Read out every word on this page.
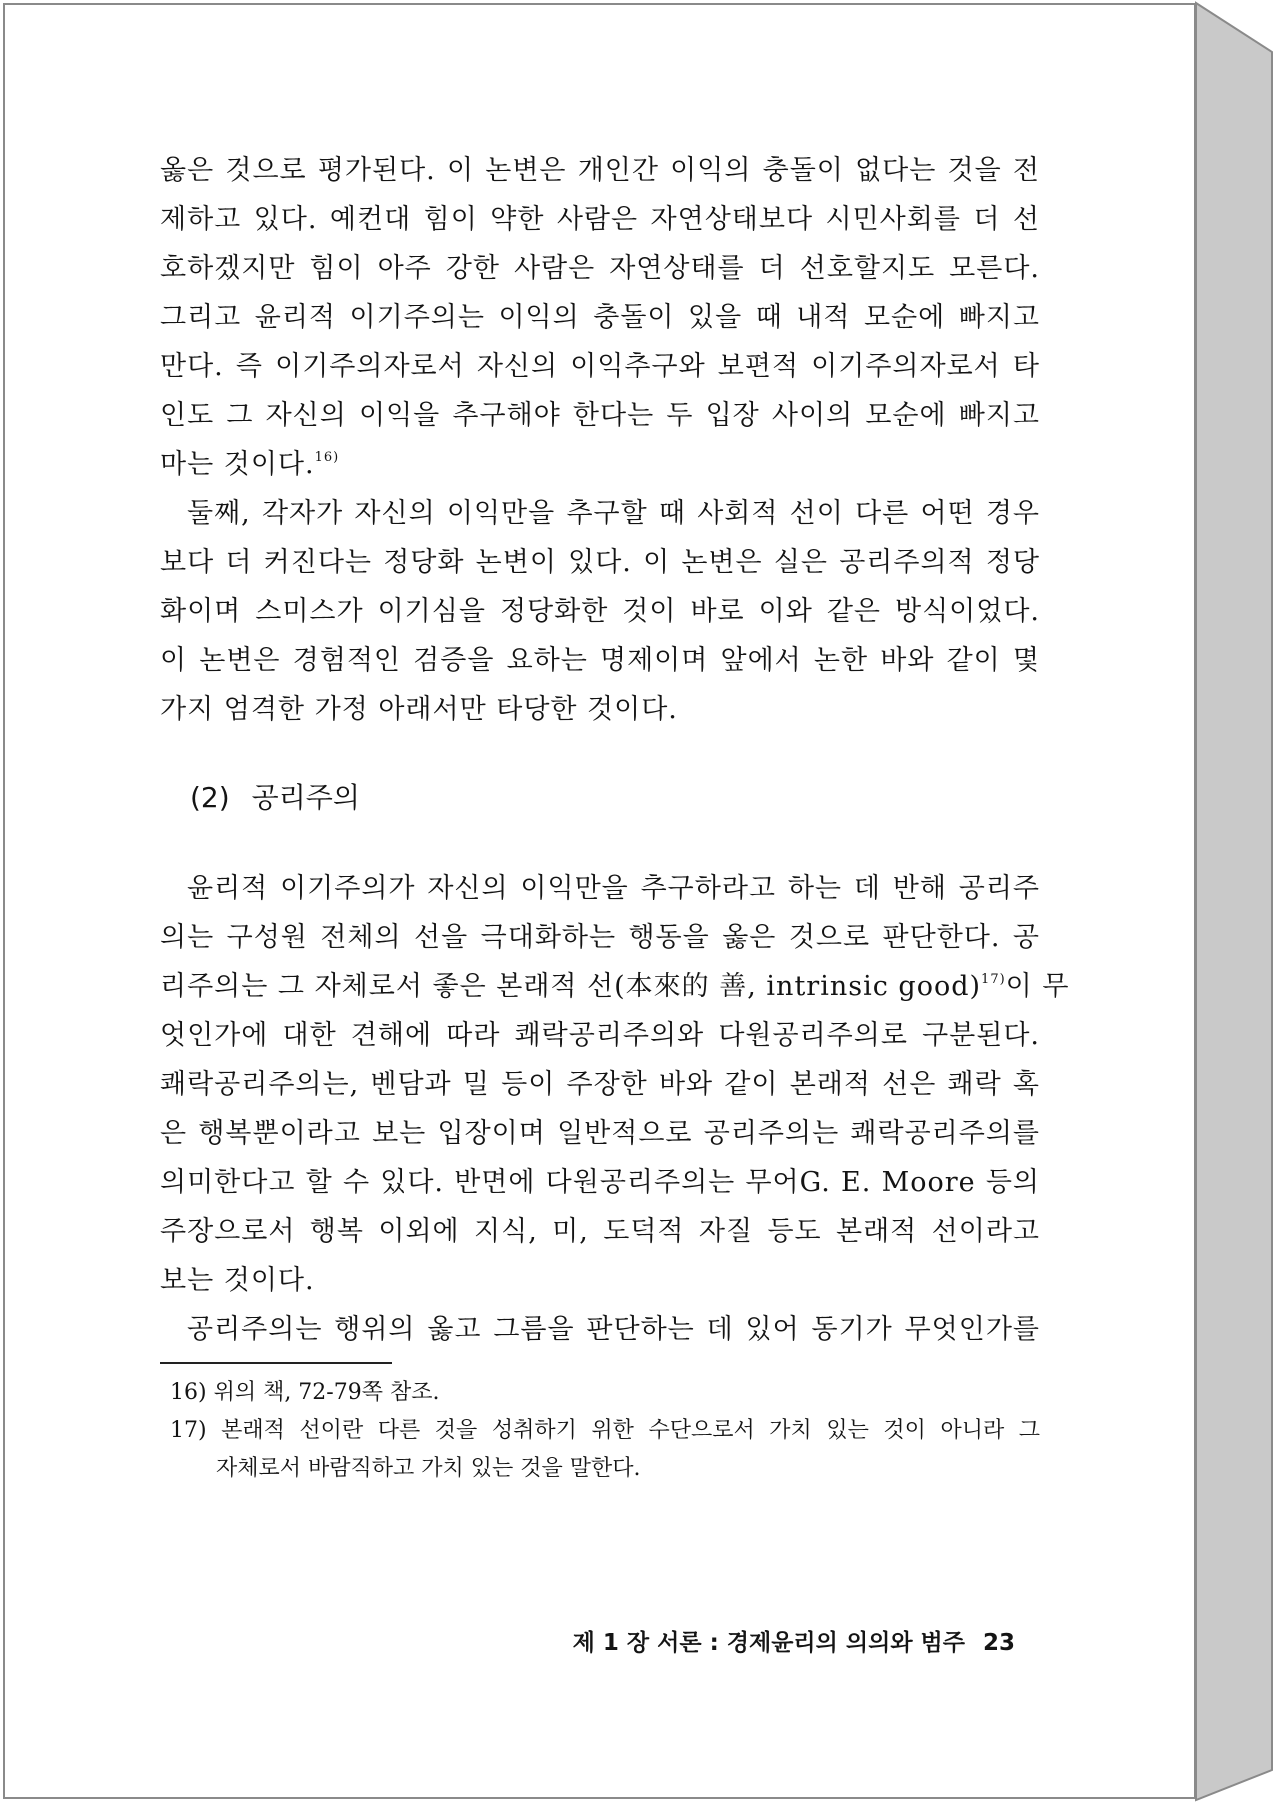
옳은 것으로 평가된다. 이 논변은 개인간 이익의 충돌이 없다는 것을 전
제하고 있다. 예컨대 힘이 약한 사람은 자연상태보다 시민사회를 더 선
호하겠지만 힘이 아주 강한 사람은 자연상태를 더 선호할지도 모른다.
그리고 윤리적 이기주의는 이익의 충돌이 있을 때 내적 모순에 빠지고
만다. 즉 이기주의자로서 자신의 이익추구와 보편적 이기주의자로서 타
인도 그 자신의 이익을 추구해야 한다는 두 입장 사이의 모순에 빠지고
마는 것이다.$^{16)}$
둘째, 각자가 자신의 이익만을 추구할 때 사회적 선이 다른 어떤 경우
보다 더 커진다는 정당화 논변이 있다. 이 논변은 실은 공리주의적 정당
화이며 스미스가 이기심을 정당화한 것이 바로 이와 같은 방식이었다.
이 논변은 경험적인 검증을 요하는 명제이며 앞에서 논한 바와 같이 몇
가지 엄격한 가정 아래서만 타당한 것이다.
(2) 공리주의
윤리적 이기주의가 자신의 이익만을 추구하라고 하는 데 반해 공리주
의는 구성원 전체의 선을 극대화하는 행동을 옳은 것으로 판단한다. 공
리주의는 그 자체로서 좋은 본래적 선(本來的 善, intrinsic good)$^{17)}$이 무
엇인가에 대한 견해에 따라 쾌락공리주의와 다원공리주의로 구분된다.
쾌락공리주의는, 벤담과 밀 등이 주장한 바와 같이 본래적 선은 쾌락 혹
은 행복뿐이라고 보는 입장이며 일반적으로 공리주의는 쾌락공리주의를
의미한다고 할 수 있다. 반면에 다원공리주의는 무어G. E. Moore 등의
주장으로서 행복 이외에 지식, 미, 도덕적 자질 등도 본래적 선이라고
보는 것이다.
공리주의는 행위의 옳고 그름을 판단하는 데 있어 동기가 무엇인가를
16) 위의 책, 72-79쪽 참조.
17) 본래적 선이란 다른 것을 성취하기 위한 수단으로서 가치 있는 것이 아니라 그
자체로서 바람직하고 가치 있는 것을 말한다.
제 1 장 서론 : 경제윤리의 의의와 범주 23
